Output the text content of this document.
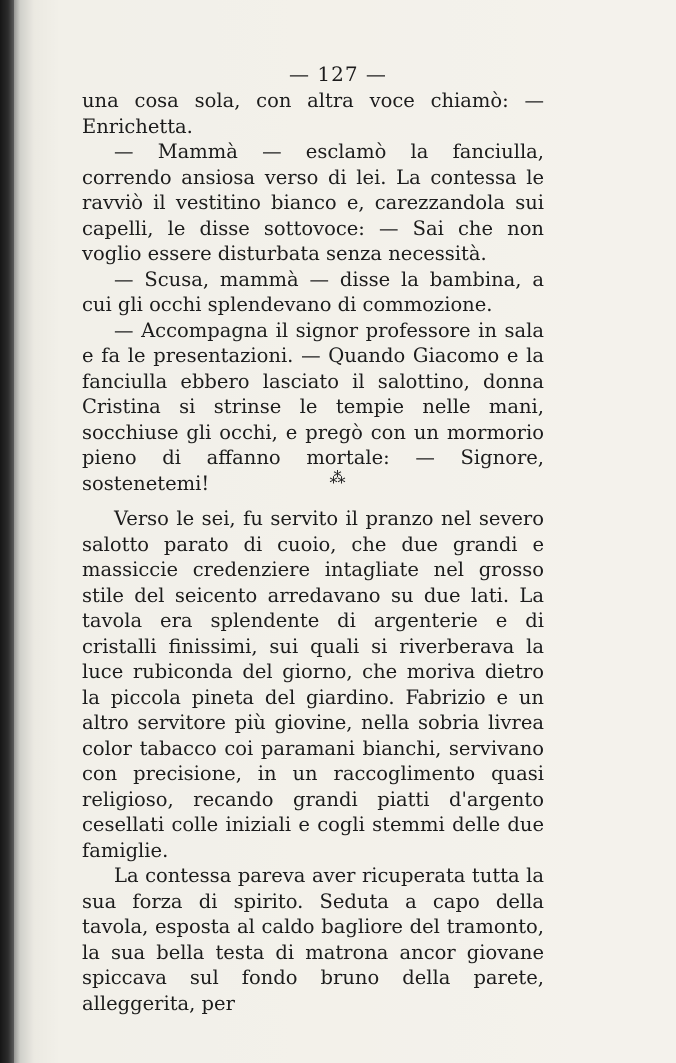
— 127 —

una cosa sola, con altra voce chiamò: — Enrichetta.

— Mammà — esclamò la fanciulla, correndo ansiosa verso di lei. La contessa le ravviò il vestitino bianco e, carezzandola sui capelli, le disse sottovoce: — Sai che non voglio essere disturbata senza necessità.

— Scusa, mammà — disse la bambina, a cui gli occhi splendevano di commozione.

— Accompagna il signor professore in sala e fa le presentazioni. — Quando Giacomo e la fanciulla ebbero lasciato il salottino, donna Cristina si strinse le tempie nelle mani, socchiuse gli occhi, e pregò con un mormorio pieno di affanno mortale: — Signore, sostenetemi!	⁂

Verso le sei, fu servito il pranzo nel severo salotto parato di cuoio, che due grandi e massiccie credenziere intagliate nel grosso stile del seicento arredavano su due lati. La tavola era splendente di argenterie e di cristalli finissimi, sui quali si riverberava la luce rubiconda del giorno, che moriva dietro la piccola pineta del giardino. Fabrizio e un altro servitore più giovine, nella sobria livrea color tabacco coi paramani bianchi, servivano con precisione, in un raccoglimento quasi religioso, recando grandi piatti d'argento cesellati colle iniziali e cogli stemmi delle due famiglie.

La contessa pareva aver ricuperata tutta la sua forza di spirito. Seduta a capo della tavola, esposta al caldo bagliore del tramonto, la sua bella testa di matrona ancor giovane spiccava sul fondo bruno della parete, alleggerita, per
